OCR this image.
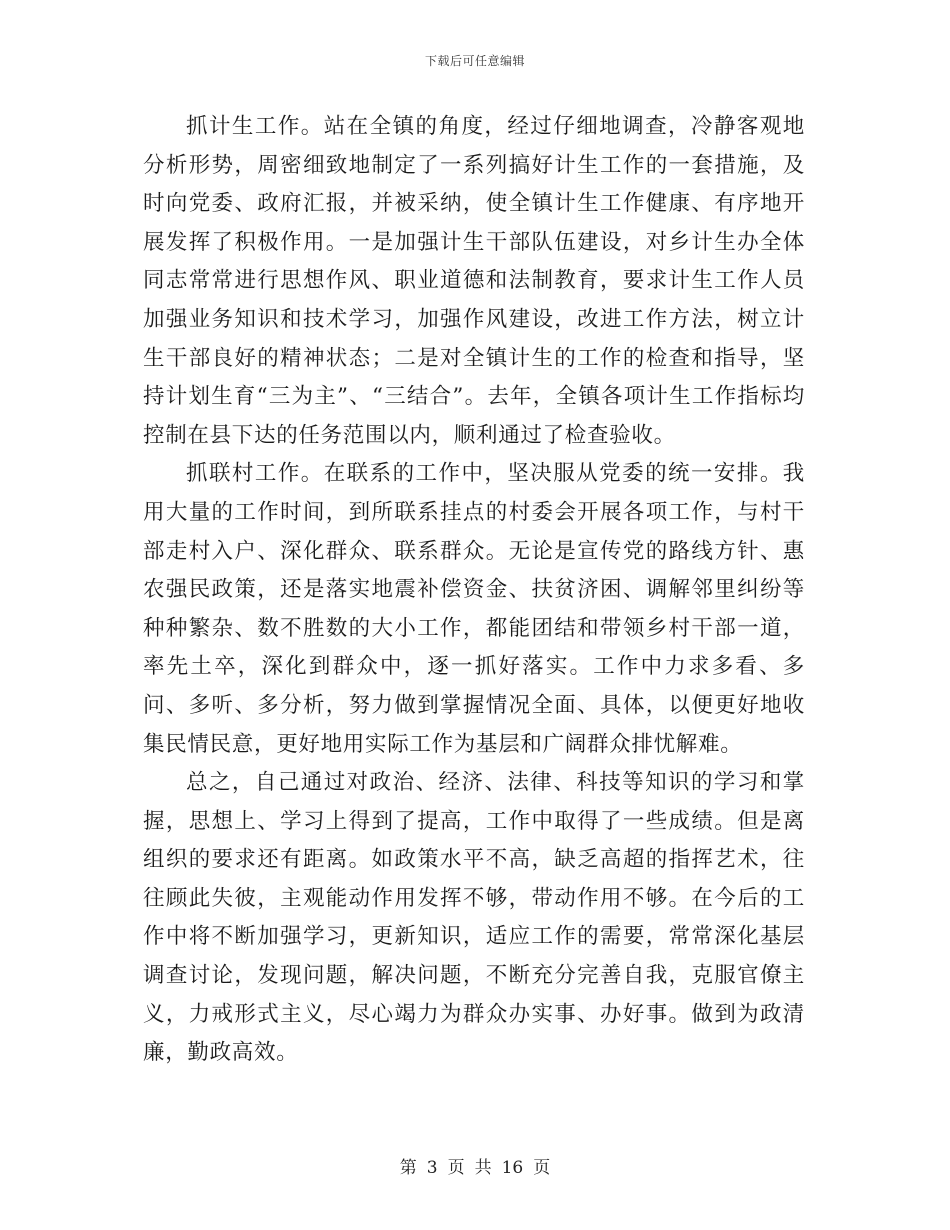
下载后可任意编辑

抓计生工作。站在全镇的角度，经过仔细地调查，冷静客观地分析形势，周密细致地制定了一系列搞好计生工作的一套措施，及时向党委、政府汇报，并被采纳，使全镇计生工作健康、有序地开展发挥了积极作用。一是加强计生干部队伍建设，对乡计生办全体同志常常进行思想作风、职业道德和法制教育，要求计生工作人员加强业务知识和技术学习，加强作风建设，改进工作方法，树立计生干部良好的精神状态；二是对全镇计生的工作的检查和指导，坚持计划生育“三为主”、“三结合”。去年，全镇各项计生工作指标均控制在县下达的任务范围以内，顺利通过了检查验收。

抓联村工作。在联系的工作中，坚决服从党委的统一安排。我用大量的工作时间，到所联系挂点的村委会开展各项工作，与村干部走村入户、深化群众、联系群众。无论是宣传党的路线方针、惠农强民政策，还是落实地震补偿资金、扶贫济困、调解邻里纠纷等种种繁杂、数不胜数的大小工作，都能团结和带领乡村干部一道，率先土卒，深化到群众中，逐一抓好落实。工作中力求多看、多问、多听、多分析，努力做到掌握情况全面、具体，以便更好地收集民情民意，更好地用实际工作为基层和广阔群众排忧解难。

总之，自己通过对政治、经济、法律、科技等知识的学习和掌握，思想上、学习上得到了提高，工作中取得了一些成绩。但是离组织的要求还有距离。如政策水平不高，缺乏高超的指挥艺术，往往顾此失彼，主观能动作用发挥不够，带动作用不够。在今后的工作中将不断加强学习，更新知识，适应工作的需要，常常深化基层调查讨论，发现问题，解决问题，不断充分完善自我，克服官僚主义，力戒形式主义，尽心竭力为群众办实事、办好事。做到为政清廉，勤政高效。

第 3 页 共 16 页
